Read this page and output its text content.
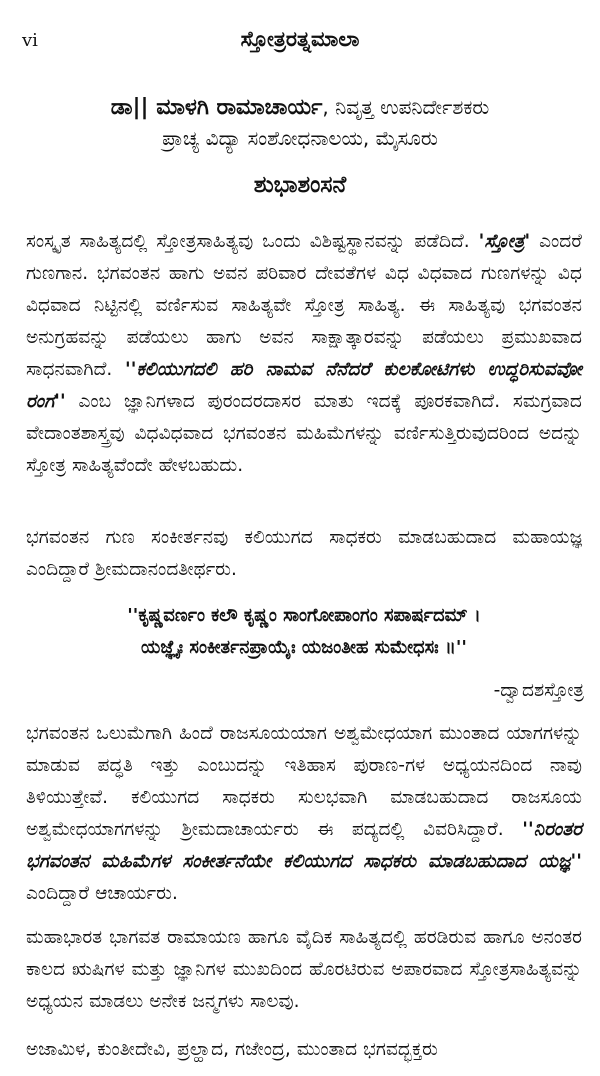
vi	ಸ್ತೋತ್ರರತ್ನಮಾಲಾ
ಡಾ|| ಮಾಳಗಿ ರಾಮಾಚಾರ್ಯ, ನಿವೃತ್ತ ಉಪನಿರ್ದೇಶಕರು
ಪ್ರಾಚ್ಯ ವಿದ್ಯಾ ಸಂಶೋಧನಾಲಯ, ಮೈಸೂರು
ಶುಭಾಶಂಸನೆ
ಸಂಸ್ಕೃತ ಸಾಹಿತ್ಯದಲ್ಲಿ ಸ್ತೋತ್ರಸಾಹಿತ್ಯವು ಒಂದು ವಿಶಿಷ್ಟಸ್ಥಾನವನ್ನು ಪಡೆದಿದೆ. 'ಸ್ತೋತ್ರ' ಎಂದರೆ ಗುಣಗಾನ. ಭಗವಂತನ ಹಾಗು ಅವನ ಪರಿವಾರ ದೇವತೆಗಳ ವಿಧ ವಿಧವಾದ ಗುಣಗಳನ್ನು ವಿಧ ವಿಧವಾದ ನಿಟ್ಟಿನಲ್ಲಿ ವರ್ಣಿಸುವ ಸಾಹಿತ್ಯವೇ ಸ್ತೋತ್ರ ಸಾಹಿತ್ಯ. ಈ ಸಾಹಿತ್ಯವು ಭಗವಂತನ ಅನುಗ್ರಹವನ್ನು ಪಡೆಯಲು ಹಾಗು ಅವನ ಸಾಕ್ಷಾತ್ಕಾರವನ್ನು ಪಡೆಯಲು ಪ್ರಮುಖವಾದ ಸಾಧನವಾಗಿದೆ. ''ಕಲಿಯುಗದಲಿ ಹರಿ ನಾಮವ ನೆನೆದರೆ ಕುಲಕೋಟಿಗಳು ಉದ್ಧರಿಸುವವೋ ರಂಗ'' ಎಂಬ ಜ್ಞಾನಿಗಳಾದ ಪುರಂದರದಾಸರ ಮಾತು ಇದಕ್ಕೆ ಪೂರಕವಾಗಿದೆ. ಸಮಗ್ರವಾದ ವೇದಾಂತಶಾಸ್ತ್ರವು ವಿಧವಿಧವಾದ ಭಗವಂತನ ಮಹಿಮೆಗಳನ್ನು ವರ್ಣಿಸುತ್ತಿರುವುದರಿಂದ ಅದನ್ನು ಸ್ತೋತ್ರ ಸಾಹಿತ್ಯವೆಂದೇ ಹೇಳಬಹುದು.
ಭಗವಂತನ ಗುಣ ಸಂಕೀರ್ತನವು ಕಲಿಯುಗದ ಸಾಧಕರು ಮಾಡಬಹುದಾದ ಮಹಾಯಜ್ಞ ಎಂದಿದ್ದಾರೆ ಶ್ರೀಮದಾನಂದತೀರ್ಥರು.
''ಕೃಷ್ಣವರ್ಣಂ ಕಲೌ ಕೃಷ್ಣಂ ಸಾಂಗೋಪಾಂಗಂ ಸಪಾರ್ಷದಮ್ ।
ಯಜ್ಞೈಃ ಸಂಕೀರ್ತನಪ್ರಾಯೈಃ ಯಜಂತೀಹ ಸುಮೇಧಸಃ ॥''
-ದ್ವಾದಶಸ್ತೋತ್ರ
ಭಗವಂತನ ಒಲುಮೆಗಾಗಿ ಹಿಂದೆ ರಾಜಸೂಯಯಾಗ ಅಶ್ವಮೇಧಯಾಗ ಮುಂತಾದ ಯಾಗಗಳನ್ನು ಮಾಡುವ ಪದ್ಧತಿ ಇತ್ತು ಎಂಬುದನ್ನು ಇತಿಹಾಸ ಪುರಾಣ-ಗಳ ಅಧ್ಯಯನದಿಂದ ನಾವು ತಿಳಿಯುತ್ತೇವೆ. ಕಲಿಯುಗದ ಸಾಧಕರು ಸುಲಭವಾಗಿ ಮಾಡಬಹುದಾದ ರಾಜಸೂಯ ಅಶ್ವಮೇಧಯಾಗಗಳನ್ನು ಶ್ರೀಮದಾಚಾರ್ಯರು ಈ ಪದ್ಯದಲ್ಲಿ ವಿವರಿಸಿದ್ದಾರೆ. ''ನಿರಂತರ ಭಗವಂತನ ಮಹಿಮೆಗಳ ಸಂಕೀರ್ತನೆಯೇ ಕಲಿಯುಗದ ಸಾಧಕರು ಮಾಡಬಹುದಾದ ಯಜ್ಞ'' ಎಂದಿದ್ದಾರೆ ಆಚಾರ್ಯರು.
ಮಹಾಭಾರತ ಭಾಗವತ ರಾಮಾಯಣ ಹಾಗೂ ವೈದಿಕ ಸಾಹಿತ್ಯದಲ್ಲಿ ಹರಡಿರುವ ಹಾಗೂ ಅನಂತರ ಕಾಲದ ಋಷಿಗಳ ಮತ್ತು ಜ್ಞಾನಿಗಳ ಮುಖದಿಂದ ಹೊರಟಿರುವ ಅಪಾರವಾದ ಸ್ತೋತ್ರಸಾಹಿತ್ಯವನ್ನು ಅಧ್ಯಯನ ಮಾಡಲು ಅನೇಕ ಜನ್ಮಗಳು ಸಾಲವು.
ಅಜಾಮಿಳ, ಕುಂತೀದೇವಿ, ಪ್ರಲ್ಹಾದ, ಗಜೇಂದ್ರ, ಮುಂತಾದ ಭಗವದ್ಭಕ್ತರು
